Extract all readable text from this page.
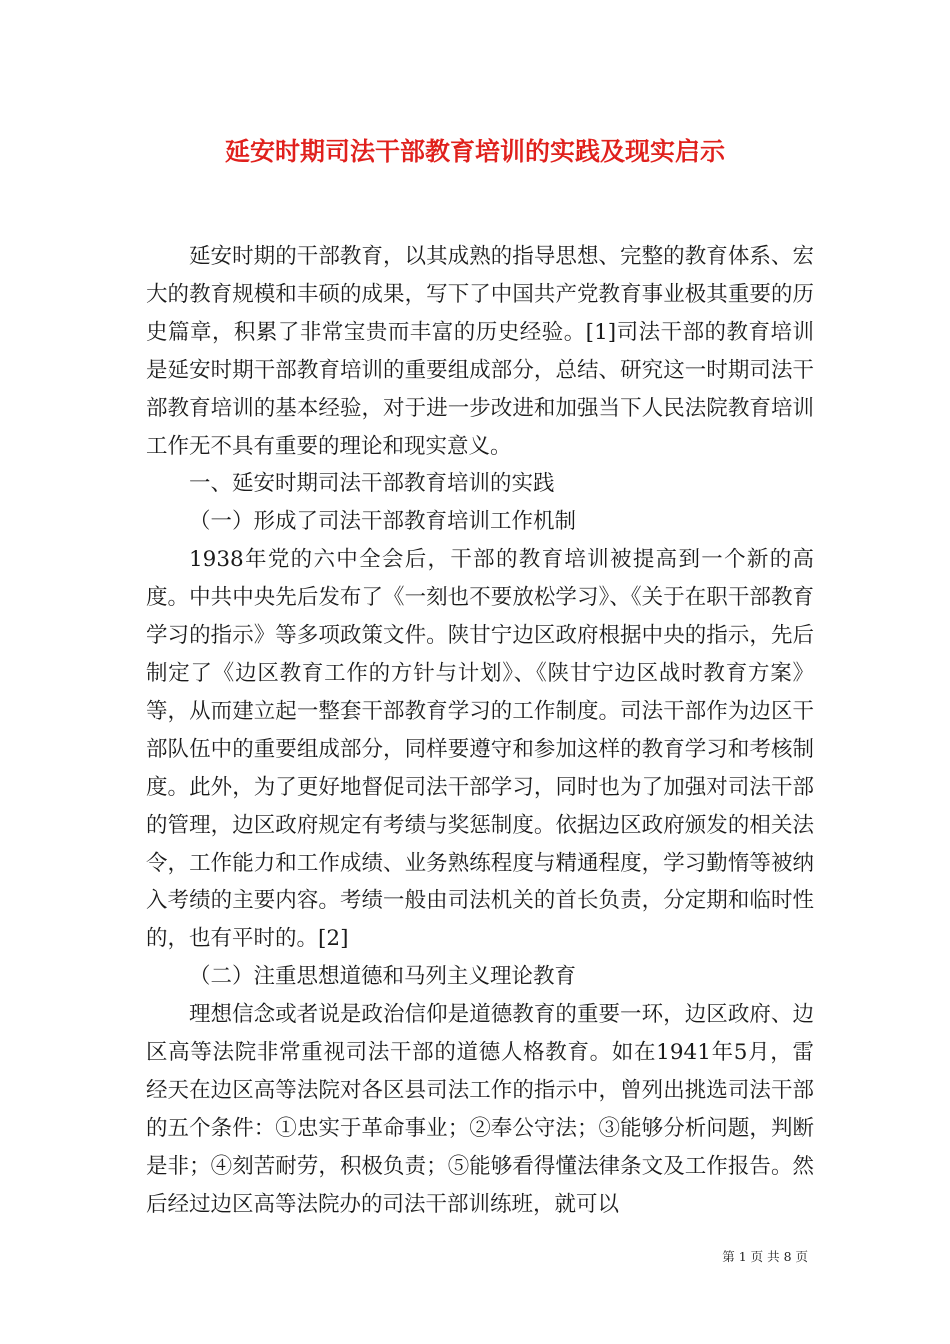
延安时期司法干部教育培训的实践及现实启示

延安时期的干部教育，以其成熟的指导思想、完整的教育体系、宏大的教育规模和丰硕的成果，写下了中国共产党教育事业极其重要的历史篇章，积累了非常宝贵而丰富的历史经验。[1]司法干部的教育培训是延安时期干部教育培训的重要组成部分，总结、研究这一时期司法干部教育培训的基本经验，对于进一步改进和加强当下人民法院教育培训工作无不具有重要的理论和现实意义。

一、延安时期司法干部教育培训的实践

（一）形成了司法干部教育培训工作机制

1938年党的六中全会后，干部的教育培训被提高到一个新的高度。中共中央先后发布了《一刻也不要放松学习》、《关于在职干部教育学习的指示》等多项政策文件。陕甘宁边区政府根据中央的指示，先后制定了《边区教育工作的方针与计划》、《陕甘宁边区战时教育方案》等，从而建立起一整套干部教育学习的工作制度。司法干部作为边区干部队伍中的重要组成部分，同样要遵守和参加这样的教育学习和考核制度。此外，为了更好地督促司法干部学习，同时也为了加强对司法干部的管理，边区政府规定有考绩与奖惩制度。依据边区政府颁发的相关法令，工作能力和工作成绩、业务熟练程度与精通程度，学习勤惰等被纳入考绩的主要内容。考绩一般由司法机关的首长负责，分定期和临时性的，也有平时的。[2]

（二）注重思想道德和马列主义理论教育

理想信念或者说是政治信仰是道德教育的重要一环，边区政府、边区高等法院非常重视司法干部的道德人格教育。如在1941年5月，雷经天在边区高等法院对各区县司法工作的指示中，曾列出挑选司法干部的五个条件：①忠实于革命事业；②奉公守法；③能够分析问题，判断是非；④刻苦耐劳，积极负责；⑤能够看得懂法律条文及工作报告。然后经过边区高等法院办的司法干部训练班，就可以

第 1 页 共 8 页
